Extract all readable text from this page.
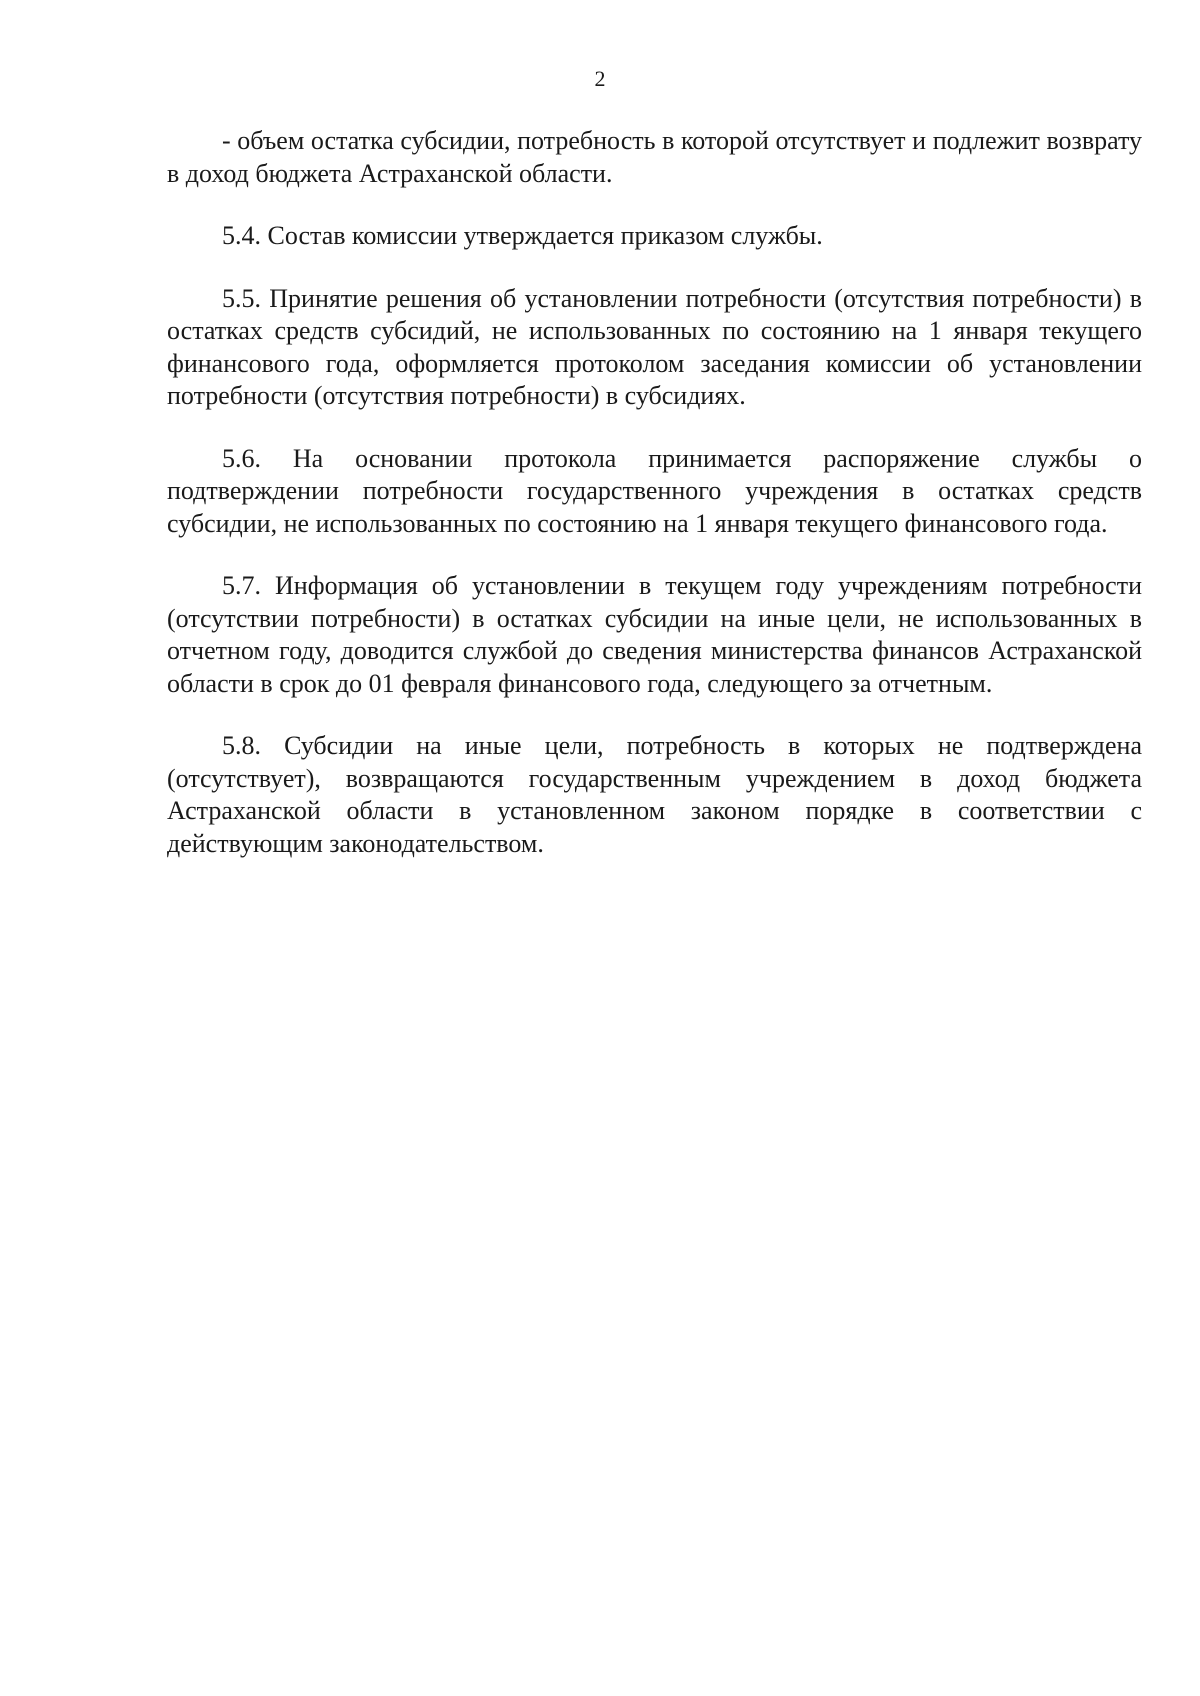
2

- объем остатка субсидии, потребность в которой отсутствует и подлежит возврату в доход бюджета Астраханской области.

5.4. Состав комиссии утверждается приказом службы.

5.5. Принятие решения об установлении потребности (отсутствия потребности) в остатках средств субсидий, не использованных по состоянию на 1 января текущего финансового года, оформляется протоколом заседания комиссии об установлении потребности (отсутствия потребности) в субсидиях.

5.6. На основании протокола принимается распоряжение службы о подтверждении потребности государственного учреждения в остатках средств субсидии, не использованных по состоянию на 1 января текущего финансового года.

5.7. Информация об установлении в текущем году учреждениям потребности (отсутствии потребности) в остатках субсидии на иные цели, не использованных в отчетном году, доводится службой до сведения министерства финансов Астраханской области в срок до 01 февраля финансового года, следующего за отчетным.

5.8. Субсидии на иные цели, потребность в которых не подтверждена (отсутствует), возвращаются государственным учреждением в доход бюджета Астраханской области в установленном законом порядке в соответствии с действующим законодательством.
